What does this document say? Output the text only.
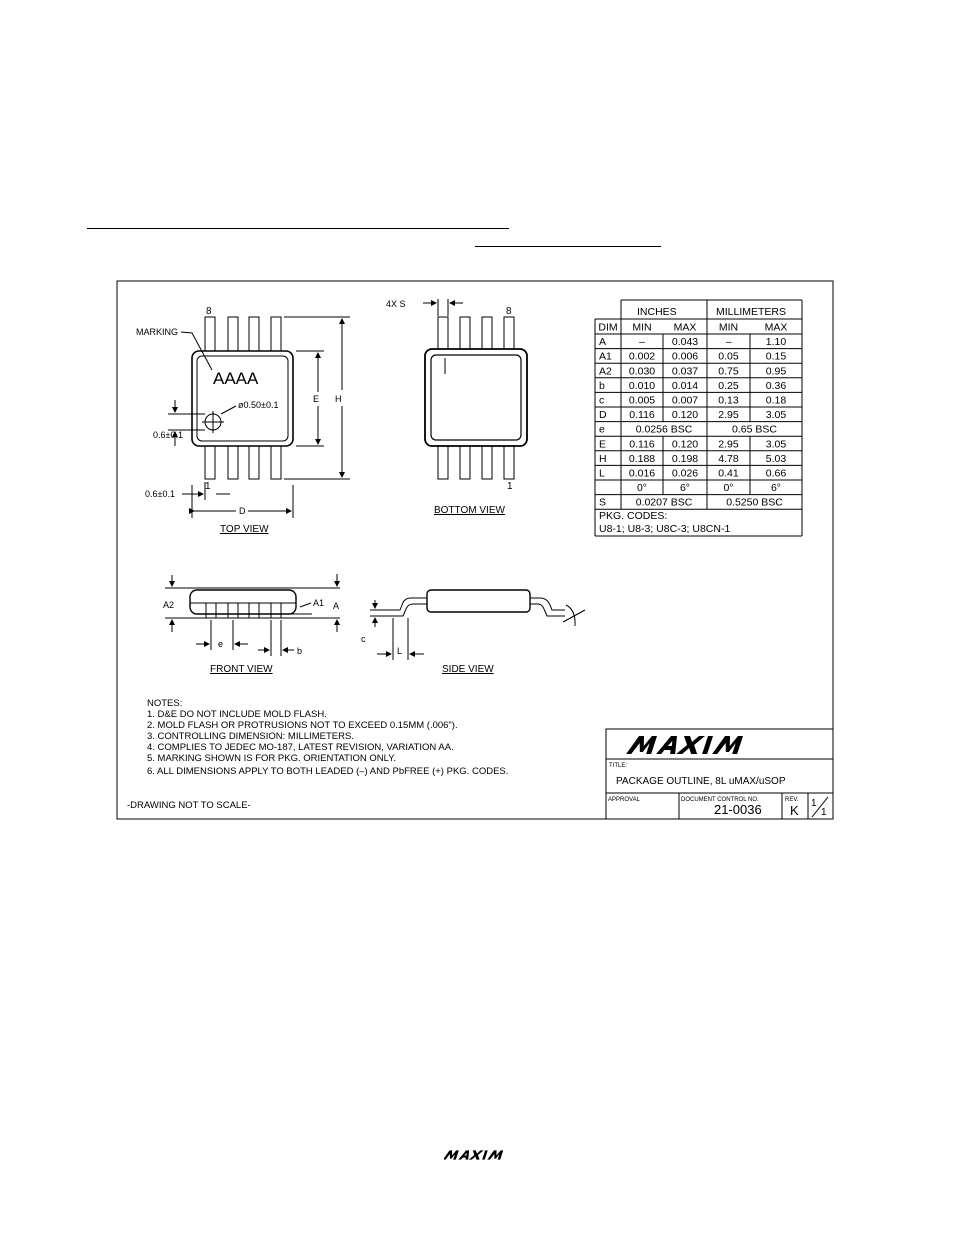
MARKING
AAAA
ø0.50±0.1
8
1
0.6±0.1
0.6±0.1
D
E H
TOP VIEW
4X S
8
1
BOTTOM VIEW
A2	A1 A
e
b
FRONT VIEW
c
L
SIDE VIEW
INCHES	MILLIMETERS
DIM MIN MAX MIN	MAX
A	–	0.043	–	1.10
A1 0.002 0.006 0.05	0.15
A2 0.030 0.037 0.75	0.95
b 0.010 0.014 0.25	0.36
c 0.005 0.007 0.13	0.18
D 0.116 0.120 2.95	3.05
e	0.0256 BSC	0.65 BSC
E 0.116 0.120 2.95	3.05
H 0.188 0.198 4.78	5.03
L 0.016 0.026 0.41	0.66
0°	6°	0°	6°
S	0.0207 BSC	0.5250 BSC
PKG. CODES:
U8-1; U8-3; U8C-3; U8CN-1
NOTES:
1. D&E DO NOT INCLUDE MOLD FLASH.
2. MOLD FLASH OR PROTRUSIONS NOT TO EXCEED 0.15MM (.006").
3. CONTROLLING DIMENSION: MILLIMETERS.
4. COMPLIES TO JEDEC MO-187, LATEST REVISION, VARIATION AA.
5. MARKING SHOWN IS FOR PKG. ORIENTATION ONLY.
6. ALL DIMENSIONS APPLY TO BOTH LEADED (–) AND PbFREE (+) PKG. CODES.
-DRAWING NOT TO SCALE-
TITLE:
PACKAGE OUTLINE, 8L uMAX/uSOP
APPROVAL	DOCUMENT CONTROL NO.
21-0036
REV.
K 1
1
